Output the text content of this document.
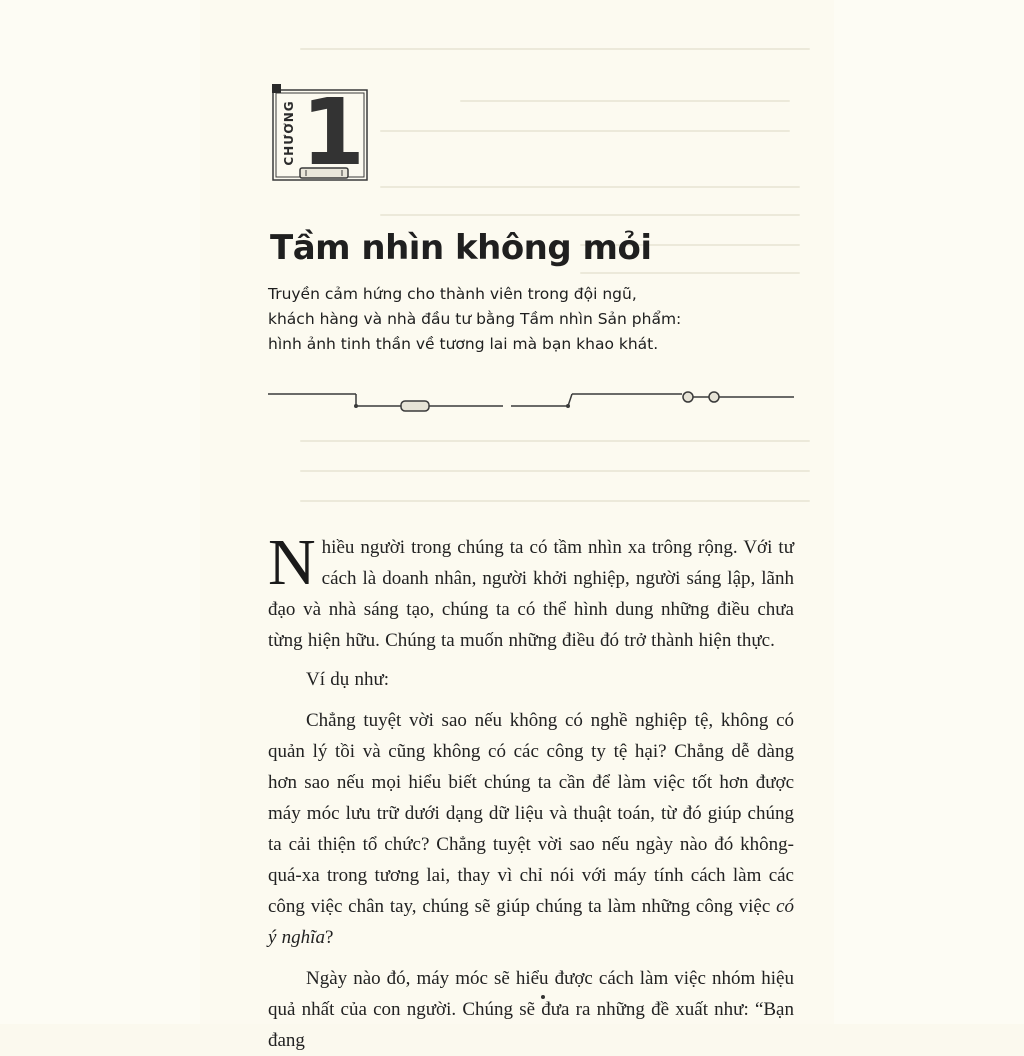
CHƯƠNG 1
Tầm nhìn không mỏi
Truyền cảm hứng cho thành viên trong đội ngũ,
khách hàng và nhà đầu tư bằng Tầm nhìn Sản phẩm:
hình ảnh tinh thần về tương lai mà bạn khao khát.

Nhiều người trong chúng ta có tầm nhìn xa trông rộng. Với tư cách là doanh nhân, người khởi nghiệp, người sáng lập, lãnh đạo và nhà sáng tạo, chúng ta có thể hình dung những điều chưa từng hiện hữu. Chúng ta muốn những điều đó trở thành hiện thực.

Ví dụ như:

Chẳng tuyệt vời sao nếu không có nghề nghiệp tệ, không có quản lý tồi và cũng không có các công ty tệ hại? Chẳng dễ dàng hơn sao nếu mọi hiểu biết chúng ta cần để làm việc tốt hơn được máy móc lưu trữ dưới dạng dữ liệu và thuật toán, từ đó giúp chúng ta cải thiện tổ chức? Chẳng tuyệt vời sao nếu ngày nào đó không-quá-xa trong tương lai, thay vì chỉ nói với máy tính cách làm các công việc chân tay, chúng sẽ giúp chúng ta làm những công việc có ý nghĩa?

Ngày nào đó, máy móc sẽ hiểu được cách làm việc nhóm hiệu quả nhất của con người. Chúng sẽ đưa ra những đề xuất như: “Bạn đang
